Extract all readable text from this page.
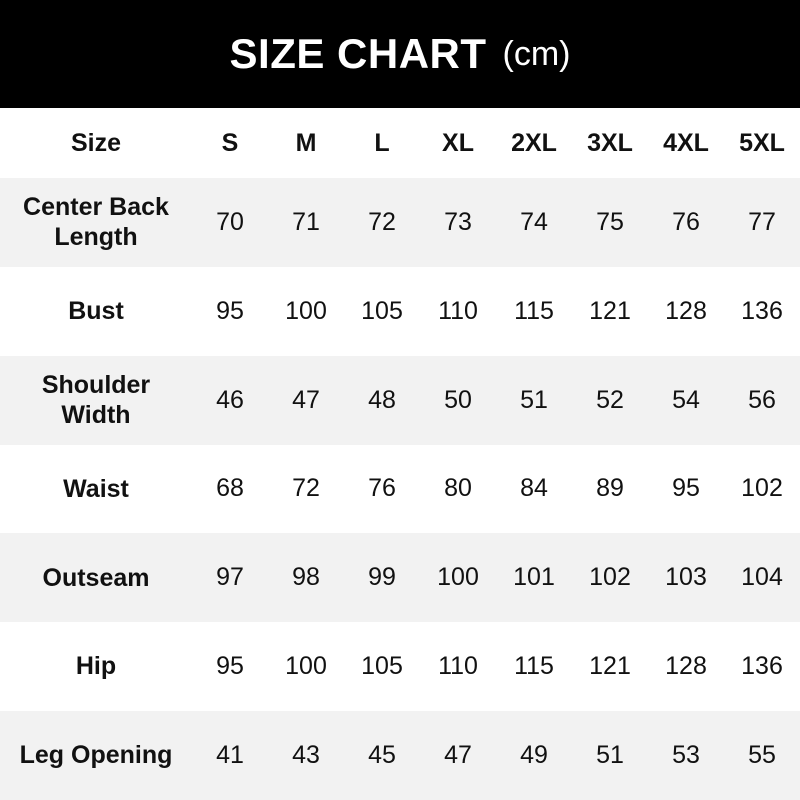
SIZE CHART (cm)
Size	S	M	L	XL	2XL	3XL	4XL	5XL
Center Back Length	70	71	72	73	74	75	76	77
Bust	95	100	105	110	115	121	128	136
Shoulder Width	46	47	48	50	51	52	54	56
Waist	68	72	76	80	84	89	95	102
Outseam	97	98	99	100	101	102	103	104
Hip	95	100	105	110	115	121	128	136
Leg Opening	41	43	45	47	49	51	53	55
